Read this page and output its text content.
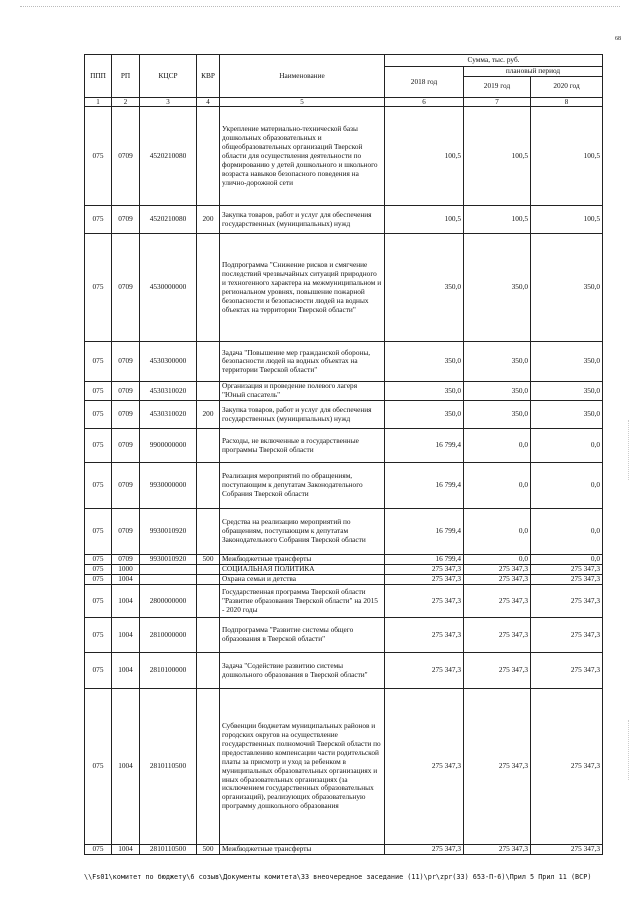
68
ППП	РП	КЦСР	КВР	Наименование	Сумма, тыс. руб.		
					2018 год	плановый период	
						2019 год	2020 год
1	2	3	4	5	6	7	8
075	0709	4520210080		Укрепление материально-технической базы дошкольных образовательных и общеобразовательных организаций Тверской области для осуществления деятельности по формированию у детей дошкольного и школьного возраста навыков безопасного поведения на улично-дорожной сети	100,5	100,5	100,5
075	0709	4520210080	200	Закупка товаров, работ и услуг для обеспечения государственных (муниципальных) нужд	100,5	100,5	100,5
075	0709	4530000000		Подпрограмма "Снижение рисков и смягчение последствий чрезвычайных ситуаций природного и техногенного характера на межмуниципальном и региональном уровнях, повышение пожарной безопасности и безопасности людей на водных объектах на территории Тверской области"	350,0	350,0	350,0
075	0709	4530300000		Задача "Повышение мер гражданской обороны, безопасности людей на водных объектах на территории Тверской области"	350,0	350,0	350,0
075	0709	4530310020		Организация и проведение полевого лагеря "Юный спасатель"	350,0	350,0	350,0
075	0709	4530310020	200	Закупка товаров, работ и услуг для обеспечения государственных (муниципальных) нужд	350,0	350,0	350,0
075	0709	9900000000		Расходы, не включенные в государственные программы Тверской области	16 799,4	0,0	0,0
075	0709	9930000000		Реализация мероприятий по обращениям, поступающим к депутатам Законодательного Собрания Тверской области	16 799,4	0,0	0,0
075	0709	9930010920		Средства на реализацию мероприятий по обращениям, поступающим к депутатам Законодательного Собрания Тверской области	16 799,4	0,0	0,0
075	0709	9930010920	500	Межбюджетные трансферты	16 799,4	0,0	0,0
075	1000			СОЦИАЛЬНАЯ ПОЛИТИКА	275 347,3	275 347,3	275 347,3
075	1004			Охрана семьи и детства	275 347,3	275 347,3	275 347,3
075	1004	2800000000		Государственная программа Тверской области "Развитие образования Тверской области" на 2015 - 2020 годы	275 347,3	275 347,3	275 347,3
075	1004	2810000000		Подпрограмма "Развитие системы общего образования в Тверской области"	275 347,3	275 347,3	275 347,3
075	1004	2810100000		Задача "Содействие развитию системы дошкольного образования в Тверской области"	275 347,3	275 347,3	275 347,3
075	1004	2810110500		Субвенции бюджетам муниципальных районов и городских округов на осуществление государственных полномочий Тверской области по предоставлению компенсации части родительской платы за присмотр и уход за ребенком в муниципальных образовательных организациях и иных образовательных организациях (за исключением государственных образовательных организаций), реализующих образовательную программу дошкольного образования	275 347,3	275 347,3	275 347,3
075	1004	2810110500	500	Межбюджетные трансферты	275 347,3	275 347,3	275 347,3
\\Fs01\комитет по бюджету\6 созыв\Документы комитета\33 внеочередное заседание (11)\pr\zpr(33) 653-П-6)\Прил 5 Прил 11 (ВСР)
